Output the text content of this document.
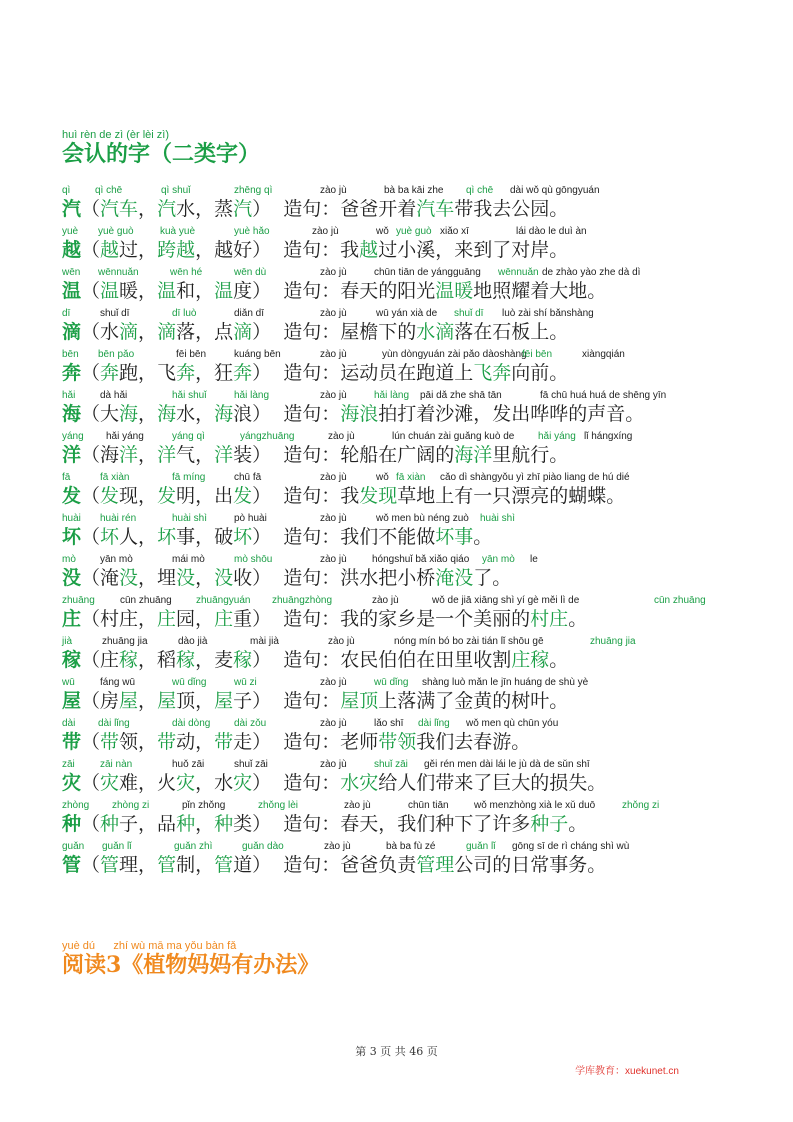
huì rèn de zì (èr lèi zì)
会认的字（二类字）
qì qì chē	qì shuǐ	zhēng qì	zào jù	bà ba kāi zhe qì chē dài wǒ qù gōngyuán
汽（汽车，汽水，蒸汽）  造句：爸爸开着汽车带我去公园。
yuè yuè guò	kuà yuè	yuè hǎo	zào jù	wǒ yuè guò xiǎo xī	lái dào le duì àn
越（越过，跨越，越好）  造句：我越过小溪，来到了对岸。
wēn wēnnuǎn	wēn hé	wēn dù	zào jù	chūn tiān de yángguāng wēnnuǎn de zhào yào zhe dà dì
温（温暖，温和，温度）  造句：春天的阳光温暖地照耀着大地。
dī	shuǐ dī	dī luò	diǎn dī	zào jù	wū yán xià de shuǐ dī luò zài shí bǎnshàng
滴（水滴，滴落，点滴）  造句：屋檐下的水滴落在石板上。
bēn bēn pǎo	fēi bēn	kuáng bēn	zào jù	yùn dòngyuán zài pǎo dàoshàng
fēi bēn	xiàngqián
奔（奔跑，飞奔，狂奔）  造句：运动员在跑道上飞奔向前。
hǎi dà hǎi	hǎi shuǐ	hǎi làng	zào jù	hǎi làng pāi dǎ zhe shā tān	fā chū huá huá de shēng yīn
海（大海，海水，海浪）  造句：海浪拍打着沙滩，发出哗哗的声音。
yáng hǎi yáng	yáng qì	yángzhuāng	zào jù	lún chuán zài guǎng kuò de hǎi yáng lǐ hángxíng
洋（海洋，洋气，洋装）  造句：轮船在广阔的海洋里航行。
fā	fā xiàn	fā míng	chū fā	zào jù	wǒ fā xiàn cǎo dì shàngyǒu yì zhī piào liang de hú dié
发（发现，发明，出发）  造句：我发现草地上有一只漂亮的蝴蝶。
huài huài rén	huài shì	pò huài	zào jù	wǒ men bù néng zuò huài shì
坏（坏人，坏事，破坏）  造句：我们不能做坏事。
mò yān mò	mái mò	mò shōu	zào jù	hóngshuǐ bǎ xiǎo qiáo yān mò le
没（淹没，埋没，没收）  造句：洪水把小桥淹没了。
zhuāng	cūn zhuāng zhuāngyuán zhuāngzhòng	zào jù	wǒ de jiā xiāng shì yí gè měi lì de	cūn zhuāng
庄（村庄，庄园，庄重）  造句：我的家乡是一个美丽的村庄。
jià	zhuāng jia	dào jià	mài jià	zào jù	nóng mín bó bo zài tián lǐ shōu gē	zhuāng jia
稼（庄稼，稻稼，麦稼）  造句：农民伯伯在田里收割庄稼。
wū	fáng wū	wū dǐng	wū zi	zào jù	wū dǐng shàng luò mǎn le jīn huáng de shù yè
屋（房屋，屋顶，屋子）  造句：屋顶上落满了金黄的树叶。
dài dài lǐng	dài dòng dài zǒu	zào jù	lǎo shī dài lǐng wǒ men qù chūn yóu
带（带领，带动，带走）  造句：老师带领我们去春游。
zāi	zāi nàn	huǒ zāi	shuǐ zāi	zào jù	shuǐ zāi gěi rén men dài lái le jù dà de sǔn shī
灾（灾难，火灾，水灾）  造句：水灾给人们带来了巨大的损失。
zhòng zhòng zi	pǐn zhǒng	zhǒng lèi	zào jù	chūn tiān	wǒ menzhòng xià le xǔ duō	zhǒng zi
种（种子，品种，种类）  造句：春天，我们种下了许多种子。
guǎn guǎn lǐ	guǎn zhì	guǎn dào	zào jù	bà ba fù zé	guǎn lǐ gōng sī de rì cháng shì wù
管（管理，管制，管道）  造句：爸爸负责管理公司的日常事务。
yuè dú      zhí wù mā ma yǒu bàn fǎ
阅读3《植物妈妈有办法》
第 3 页 共 46 页
学库教育：xuekunet.cn
